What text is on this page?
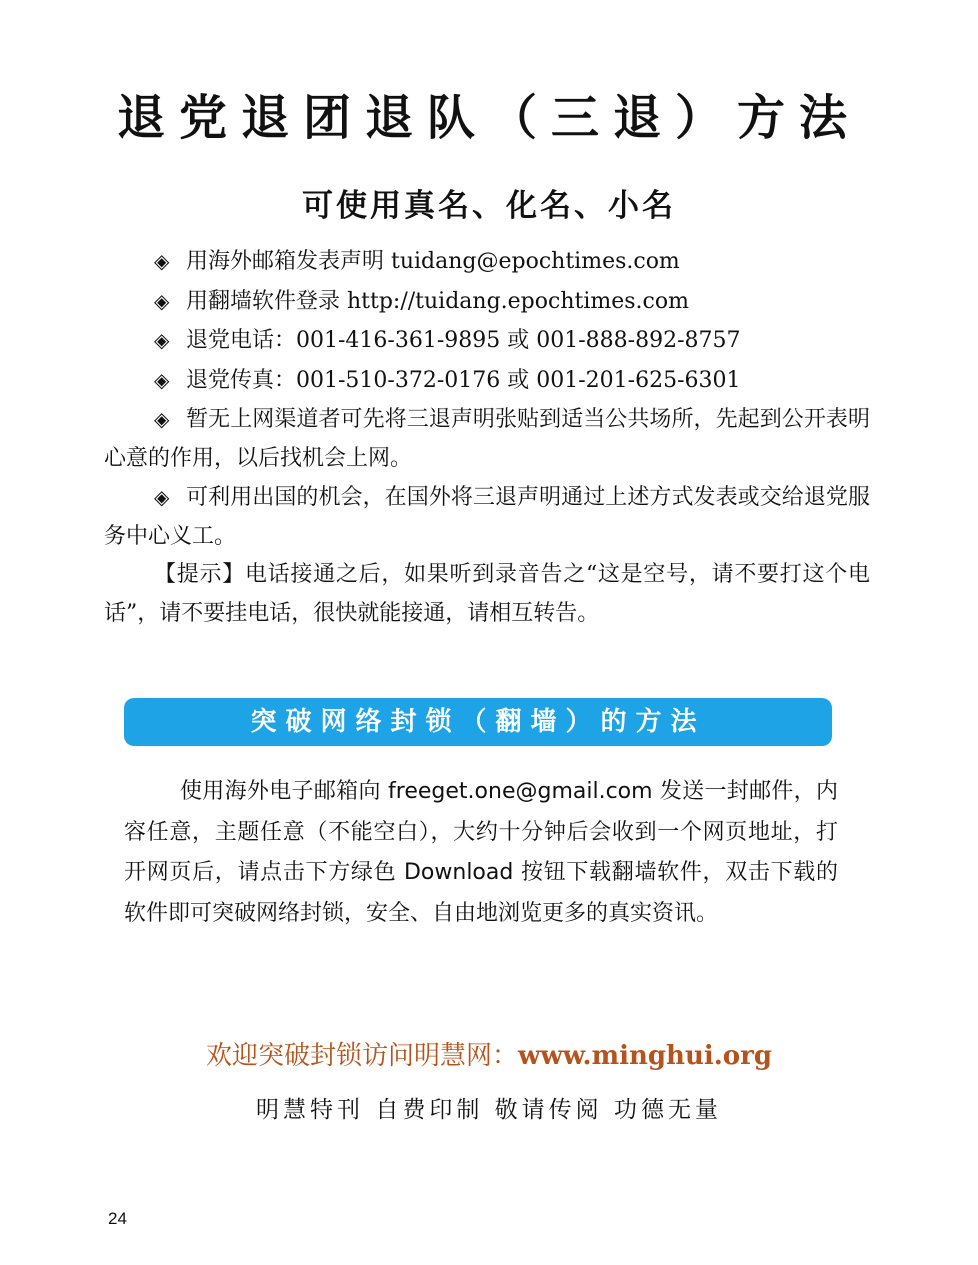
退党退团退队（三退）方法
可使用真名、化名、小名

◈ 用海外邮箱发表声明 tuidang@epochtimes.com

◈ 用翻墙软件登录 http://tuidang.epochtimes.com

◈ 退党电话：001-416-361-9895 或 001-888-892-8757

◈ 退党传真：001-510-372-0176 或 001-201-625-6301

◈ 暂无上网渠道者可先将三退声明张贴到适当公共场所，先起到公开表明心意的作用，以后找机会上网。

◈ 可利用出国的机会，在国外将三退声明通过上述方式发表或交给退党服务中心义工。

【提示】电话接通之后，如果听到录音告之“这是空号，请不要打这个电话”，请不要挂电话，很快就能接通，请相互转告。

突破网络封锁（翻墙）的方法

使用海外电子邮箱向 freeget.one@gmail.com 发送一封邮件，内容任意，主题任意（不能空白），大约十分钟后会收到一个网页地址，打开网页后，请点击下方绿色 Download 按钮下载翻墙软件，双击下载的软件即可突破网络封锁，安全、自由地浏览更多的真实资讯。

欢迎突破封锁访问明慧网：www.minghui.org
明慧特刊 自费印制 敬请传阅 功德无量
24
